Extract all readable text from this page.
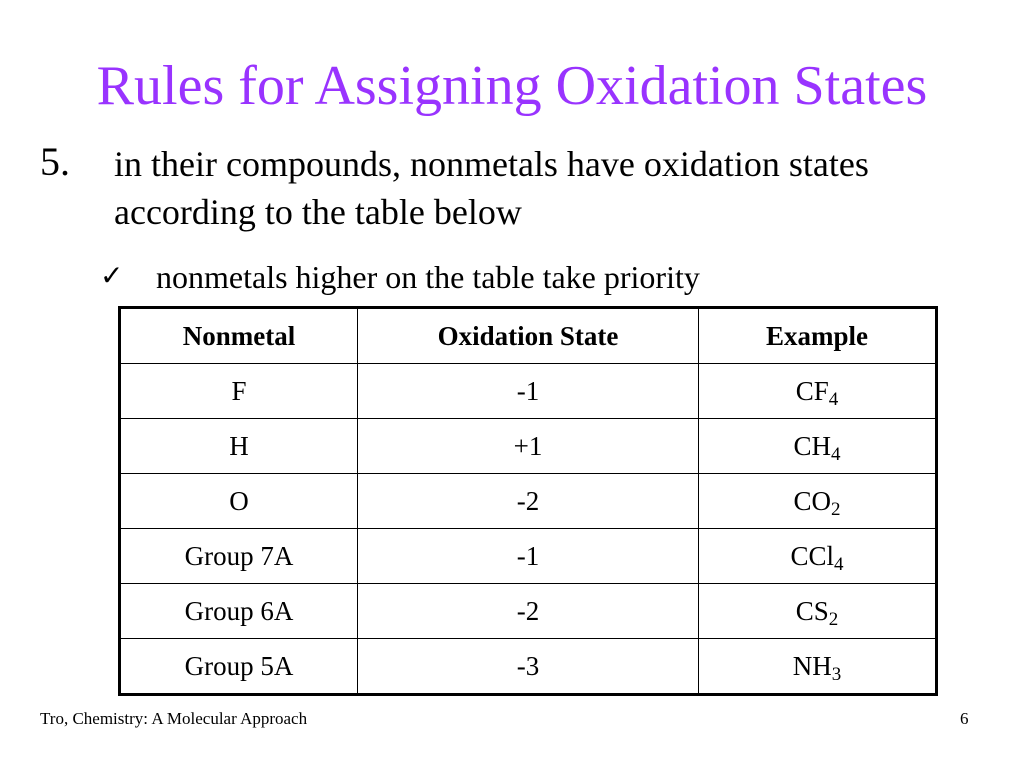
Rules for Assigning Oxidation States
5. in their compounds, nonmetals have oxidation states according to the table below
✓ nonmetals higher on the table take priority
Nonmetal	Oxidation State	Example
F	-1	$CF_4$
H	+1	$CH_4$
O	-2	$CO_2$
Group 7A	-1	CCl$_4$
Group 6A	-2	$CS_2$
Group 5A	-3	$NH_3$
Tro, Chemistry: A Molecular Approach	6
